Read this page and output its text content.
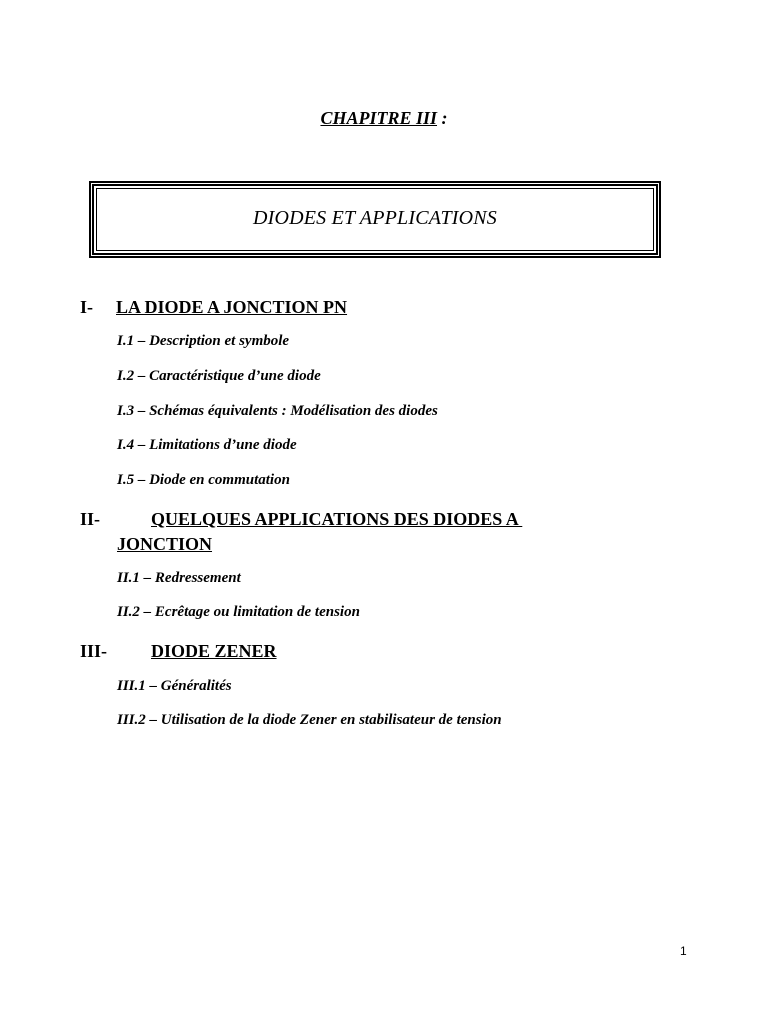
CHAPITRE III :

DIODES ET APPLICATIONS

I- LA DIODE A JONCTION PN

I.1 – Description et symbole

I.2 – Caractéristique d’une diode

I.3 – Schémas équivalents : Modélisation des diodes

I.4 – Limitations d’une diode

I.5 – Diode en commutation

II-	QUELQUES APPLICATIONS DES DIODES A

JONCTION

II.1 – Redressement

II.2 – Ecrêtage ou limitation de tension

III- DIODE ZENER

III.1 – Généralités

III.2 – Utilisation de la diode Zener en stabilisateur de tension

1
